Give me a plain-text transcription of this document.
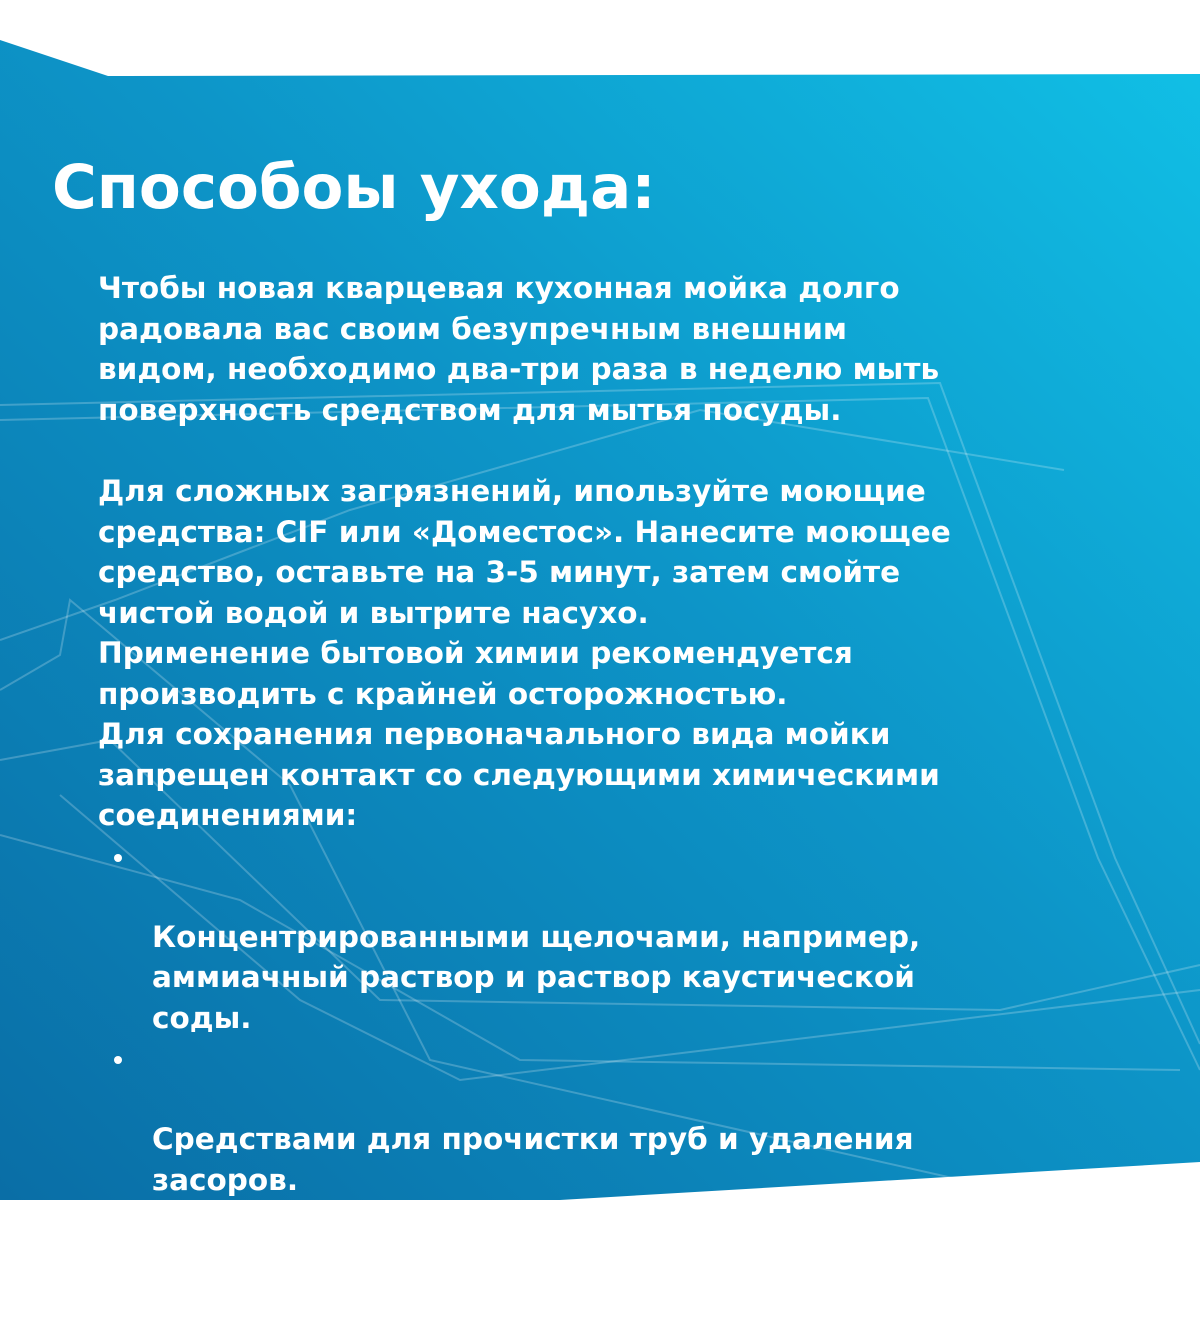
Способоы ухода:

Чтобы новая кварцевая кухонная мойка долго
радовала вас своим безупречным внешним
видом, необходимо два-три раза в неделю мыть
поверхность средством для мытья посуды.

Для сложных загрязнений, ипользуйте моющие
средства: CIF или «Доместос». Нанесите моющее
средство, оставьте на 3-5 минут, затем смойте
чистой водой и вытрите насухо.
Применение бытовой химии рекомендуется
производить с крайней осторожностью.
Для сохранения первоначального вида мойки
запрещен контакт со следующими химическими
соединениями:

Концентрированными щелочами, например,
аммиачный раствор и раствор каустической
соды.

Средствами для прочистки труб и удаления
засоров.

Абразивными соединениями и порошками.
